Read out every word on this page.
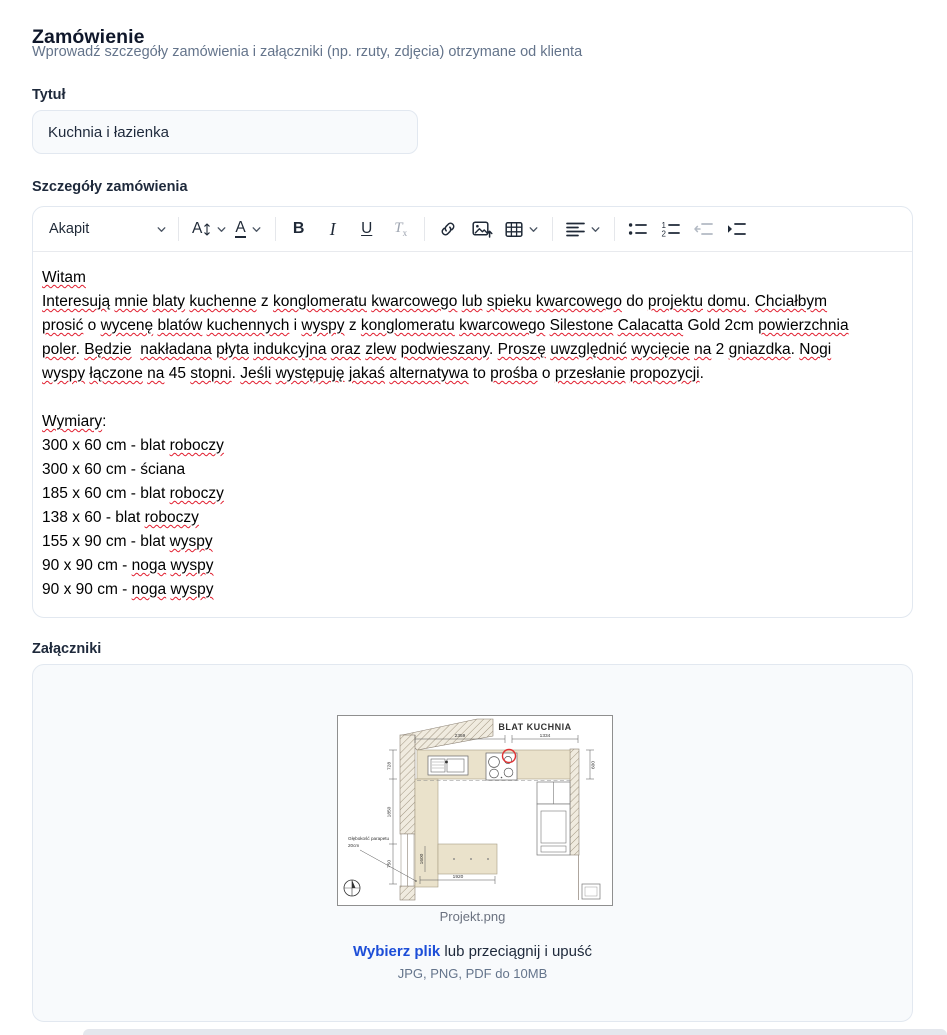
Zamówienie
Wprowadź szczegóły zamówienia i załączniki (np. rzuty, zdjęcia) otrzymane od klienta
Tytuł
Kuchnia i łazienka
Szczegóły zamówienia
Akapit	A A	B I U $T_x$
1
2
Witam
Interesują mnie blaty kuchenne z konglomeratu kwarcowego lub spieku kwarcowego do projektu domu. Chciałbym
prosić o wycenę blatów kuchennych i wyspy z konglomeratu kwarcowego Silestone Calacatta Gold 2cm powierzchnia
poler. Będzie nakładana płyta indukcyjna oraz zlew podwieszany. Proszę uwzględnić wycięcie na 2 gniazdka. Nogi
wyspy łączone na 45 stopni. Jeśli występuję jakaś alternatywa to prośba o przesłanie propozycji.

Wymiary:
300 x 60 cm - blat roboczy
300 x 60 cm - ściana
185 x 60 cm - blat roboczy
138 x 60 - blat roboczy
155 x 90 cm - blat wyspy
90 x 90 cm - noga wyspy
90 x 90 cm - noga wyspy
Załączniki
BLAT KUCHNIA
2359	1334
728
1850
750
600
1600
1920
Głębokość parapetu
20cm
Projekt.png
Wybierz plik lub przeciągnij i upuść
JPG, PNG, PDF do 10MB
